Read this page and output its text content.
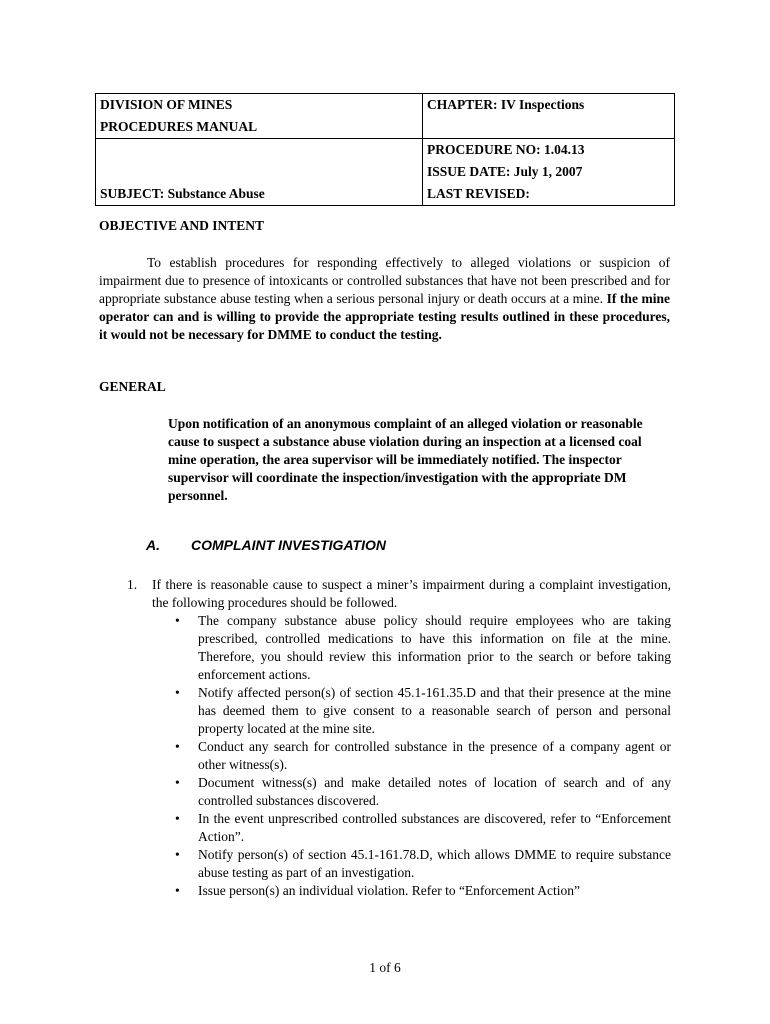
DIVISION OF MINES	CHAPTER: IV Inspections
PROCEDURES MANUAL	
	PROCEDURE NO: 1.04.13
	ISSUE DATE: July 1, 2007
SUBJECT: Substance Abuse	LAST REVISED:
OBJECTIVE AND INTENT
To establish procedures for responding effectively to alleged violations or suspicion of impairment due to presence of intoxicants or controlled substances that have not been prescribed and for appropriate substance abuse testing when a serious personal injury or death occurs at a mine. If the mine operator can and is willing to provide the appropriate testing results outlined in these procedures, it would not be necessary for DMME to conduct the testing.
GENERAL
Upon notification of an anonymous complaint of an alleged violation or reasonable cause to suspect a substance abuse violation during an inspection at a licensed coal mine operation, the area supervisor will be immediately notified. The inspector supervisor will coordinate the inspection/investigation with the appropriate DM personnel.
A. COMPLAINT INVESTIGATION
1. If there is reasonable cause to suspect a miner’s impairment during a complaint investigation, the following procedures should be followed.
• The company substance abuse policy should require employees who are taking prescribed, controlled medications to have this information on file at the mine. Therefore, you should review this information prior to the search or before taking enforcement actions.
• Notify affected person(s) of section 45.1-161.35.D and that their presence at the mine has deemed them to give consent to a reasonable search of person and personal property located at the mine site.
• Conduct any search for controlled substance in the presence of a company agent or other witness(s).
• Document witness(s) and make detailed notes of location of search and of any controlled substances discovered.
• In the event unprescribed controlled substances are discovered, refer to “Enforcement Action”.
• Notify person(s) of section 45.1-161.78.D, which allows DMME to require substance abuse testing as part of an investigation.
• Issue person(s) an individual violation. Refer to “Enforcement Action”
1 of 6
